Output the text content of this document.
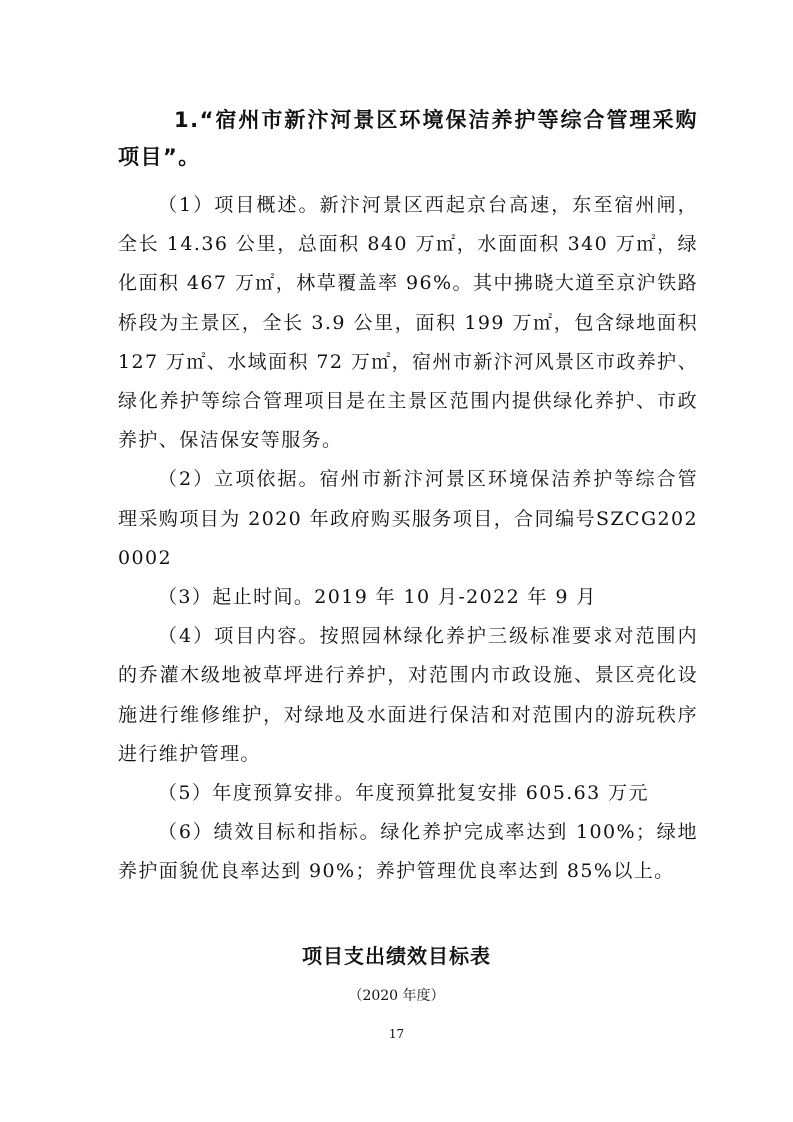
1.“宿州市新汴河景区环境保洁养护等综合管理采购项目”。

（1）项目概述。新汴河景区西起京台高速，东至宿州闸，全长 14.36 公里，总面积 840 万㎡，水面面积 340 万㎡，绿化面积 467 万㎡，林草覆盖率 96%。其中拂晓大道至京沪铁路桥段为主景区，全长 3.9 公里，面积 199 万㎡，包含绿地面积 127 万㎡、水域面积 72 万㎡，宿州市新汴河风景区市政养护、绿化养护等综合管理项目是在主景区范围内提供绿化养护、市政养护、保洁保安等服务。

（2）立项依据。宿州市新汴河景区环境保洁养护等综合管理采购项目为 2020 年政府购买服务项目，合同编号SZCG2020002

（3）起止时间。2019 年 10 月-2022 年 9 月

（4）项目内容。按照园林绿化养护三级标准要求对范围内的乔灌木级地被草坪进行养护，对范围内市政设施、景区亮化设施进行维修维护，对绿地及水面进行保洁和对范围内的游玩秩序进行维护管理。

（5）年度预算安排。年度预算批复安排 605.63 万元

（6）绩效目标和指标。绿化养护完成率达到 100%；绿地养护面貌优良率达到 90%；养护管理优良率达到 85%以上。

项目支出绩效目标表
（2020 年度）
17
